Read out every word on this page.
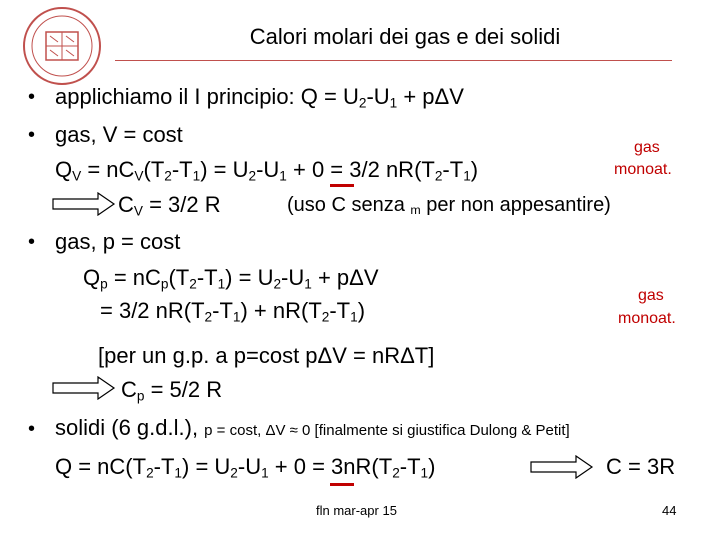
Calori molari dei gas e dei solidi
• applichiamo il I principio: $Q = U_2-U_1 + p\Delta V$
• gas, V = cost
gas
monoat.
$Q_V = nC_V(T_2-T_1) = U_2-U_1 + 0 = 3/2$ $nR(T_2-T_1)$
$C_V = 3/2$ R	(uso C senza $_m$ per non appesantire)
• gas, p = cost
$Q_p = nC_p(T_2-T_1) = U_2-U_1 + p\Delta V$
gas
monoat.
= 3/2 $nR(T_2-T_1) + nR(T_2-T_1)$
[per un g.p. a p=cost pΔV = nRΔT]
$C_p = 5/2$ R
• solidi (6 g.d.l.), p = cost, ΔV ≈ 0 [finalmente si giustifica Dulong & Petit]
$Q = nC(T_2-T_1) = U_2-U_1 + 0 = 3nR(T_2-T_1)$	C = 3R
fln mar-apr 15	44
